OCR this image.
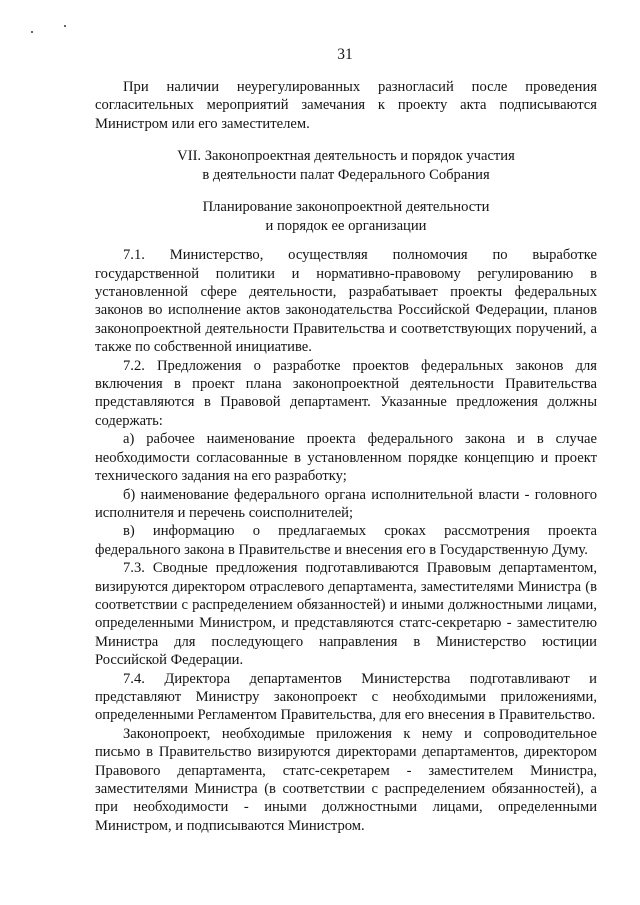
31

При наличии неурегулированных разногласий после проведения согласительных мероприятий замечания к проекту акта подписываются Министром или его заместителем.

VII. Законопроектная деятельность и порядок участия
в деятельности палат Федерального Собрания
Планирование законопроектной деятельности
и порядок ее организации

7.1. Министерство, осуществляя полномочия по выработке государственной политики и нормативно-правовому регулированию в установленной сфере деятельности, разрабатывает проекты федеральных законов во исполнение актов законодательства Российской Федерации, планов законопроектной деятельности Правительства и соответствующих поручений, а также по собственной инициативе.

7.2. Предложения о разработке проектов федеральных законов для включения в проект плана законопроектной деятельности Правительства представляются в Правовой департамент. Указанные предложения должны содержать:

а) рабочее наименование проекта федерального закона и в случае необходимости согласованные в установленном порядке концепцию и проект технического задания на его разработку;

б) наименование федерального органа исполнительной власти - головного исполнителя и перечень соисполнителей;

в) информацию о предлагаемых сроках рассмотрения проекта федерального закона в Правительстве и внесения его в Государственную Думу.

7.3. Сводные предложения подготавливаются Правовым департаментом, визируются директором отраслевого департамента, заместителями Министра (в соответствии с распределением обязанностей) и иными должностными лицами, определенными Министром, и представляются статс-секретарю - заместителю Министра для последующего направления в Министерство юстиции Российской Федерации.

7.4. Директора департаментов Министерства подготавливают и представляют Министру законопроект с необходимыми приложениями, определенными Регламентом Правительства, для его внесения в Правительство.

Законопроект, необходимые приложения к нему и сопроводительное письмо в Правительство визируются директорами департаментов, директором Правового департамента, статс-секретарем - заместителем Министра, заместителями Министра (в соответствии с распределением обязанностей), а при необходимости - иными должностными лицами, определенными Министром, и подписываются Министром.
